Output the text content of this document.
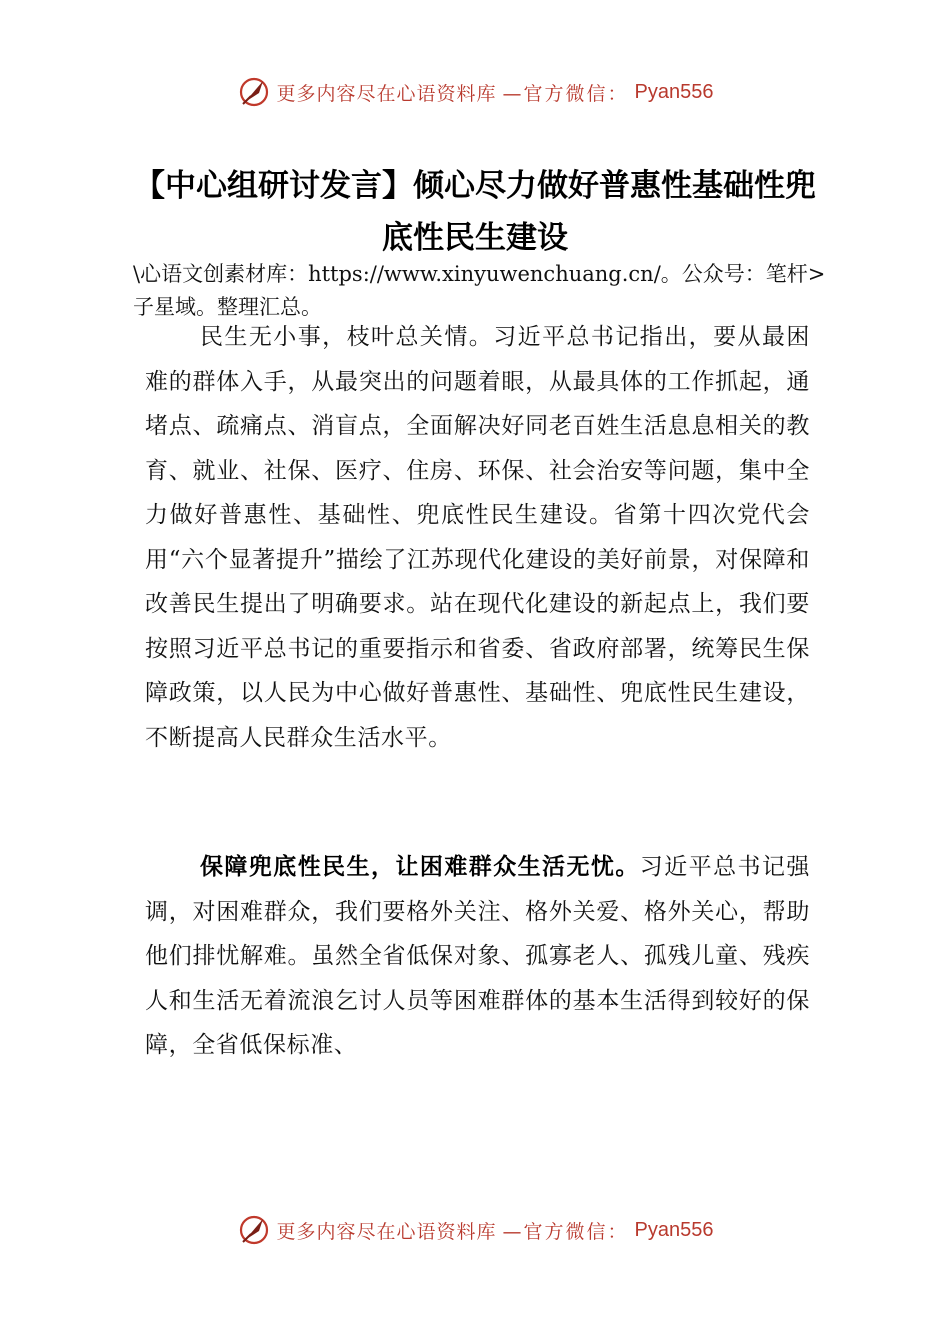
更多内容尽在心语资料库 —官方微信： Pyan556
【中心组研讨发言】倾心尽力做好普惠性基础性兜底性民生建设
\心语文创素材库：https://www.xinyuwenchuang.cn/。公众号：笔杆>子星域。整理汇总。

民生无小事，枝叶总关情。习近平总书记指出，要从最困难的群体入手，从最突出的问题着眼，从最具体的工作抓起，通堵点、疏痛点、消盲点，全面解决好同老百姓生活息息相关的教育、就业、社保、医疗、住房、环保、社会治安等问题，集中全力做好普惠性、基础性、兜底性民生建设。省第十四次党代会用“六个显著提升”描绘了江苏现代化建设的美好前景，对保障和改善民生提出了明确要求。站在现代化建设的新起点上，我们要按照习近平总书记的重要指示和省委、省政府部署，统筹民生保障政策，以人民为中心做好普惠性、基础性、兜底性民生建设，不断提高人民群众生活水平。

保障兜底性民生，让困难群众生活无忧。习近平总书记强调，对困难群众，我们要格外关注、格外关爱、格外关心，帮助他们排忧解难。虽然全省低保对象、孤寡老人、孤残儿童、残疾人和生活无着流浪乞讨人员等困难群体的基本生活得到较好的保障，全省低保标准、

更多内容尽在心语资料库 —官方微信： Pyan556
